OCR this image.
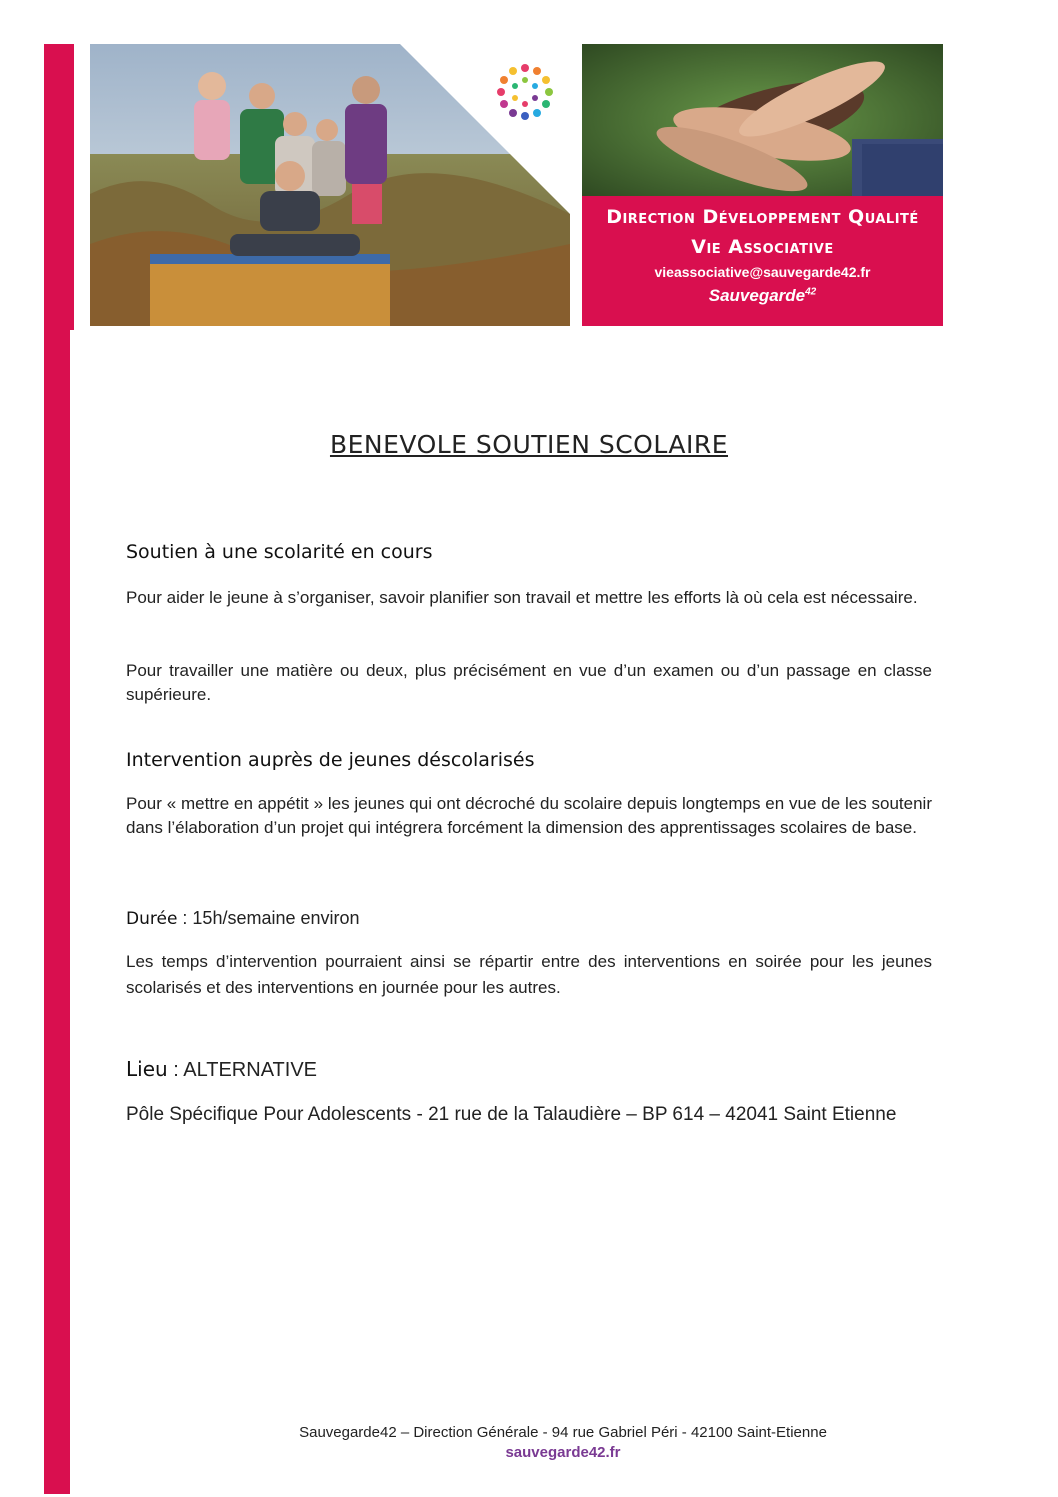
Direction Développement Qualité
Vie Associative
vieassociative@sauvegarde42.fr
Sauvegarde$^{42}$
BENEVOLE SOUTIEN SCOLAIRE
Soutien à une scolarité en cours
Pour aider le jeune à s’organiser, savoir planifier son travail et mettre les efforts là où cela est nécessaire.
Pour travailler une matière ou deux, plus précisément en vue d’un examen ou d’un passage en classe supérieure.
Intervention auprès de jeunes déscolarisés
Pour « mettre en appétit » les jeunes qui ont décroché du scolaire depuis longtemps en vue de les soutenir dans l’élaboration d’un projet qui intégrera forcément la dimension des apprentissages scolaires de base.
Durée : 15h/semaine environ
Les temps d’intervention pourraient ainsi se répartir entre des interventions en soirée pour les jeunes scolarisés et des interventions en journée pour les autres.
Lieu : ALTERNATIVE
Pôle Spécifique Pour Adolescents - 21 rue de la Talaudière – BP 614 – 42041 Saint Etienne
Sauvegarde42 – Direction Générale - 94 rue Gabriel Péri - 42100 Saint-Etienne
sauvegarde42.fr
